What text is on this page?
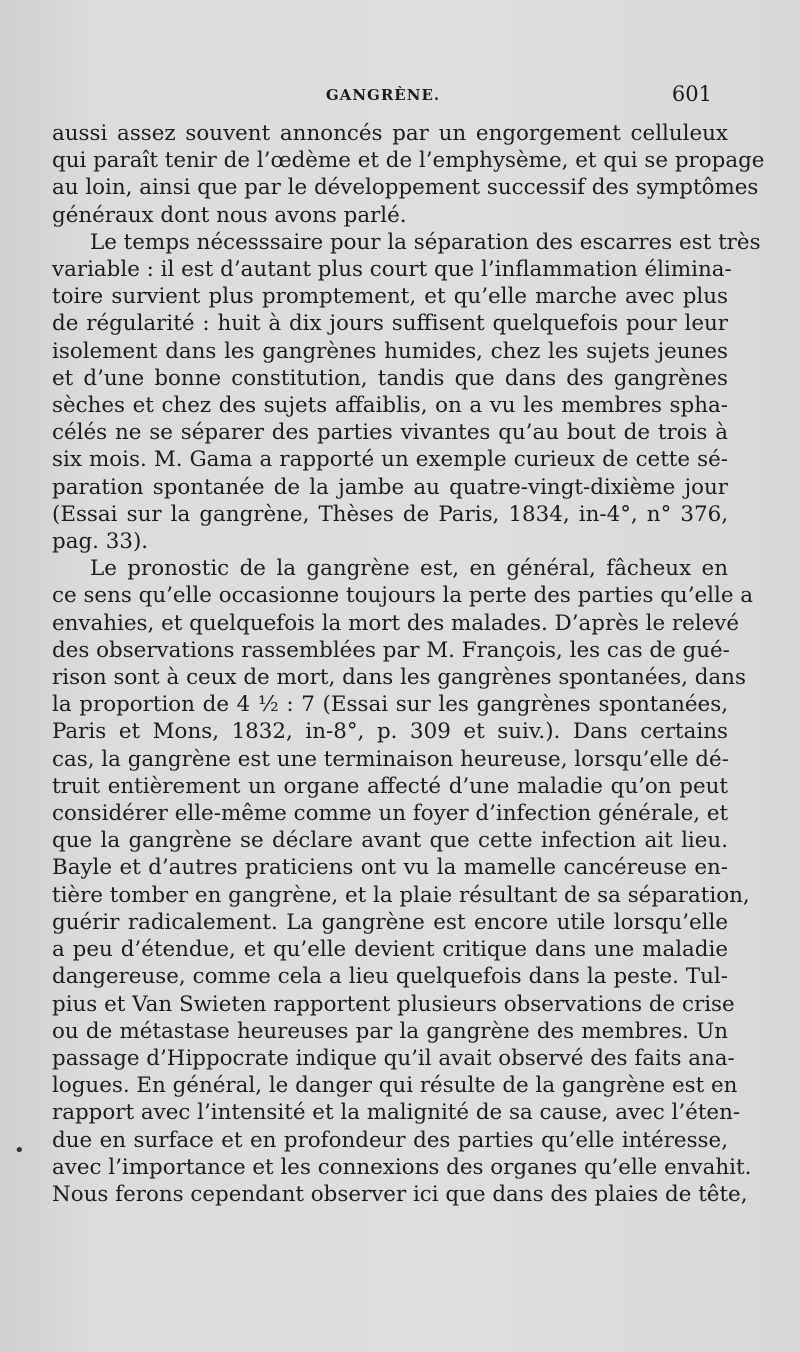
GANGRÈNE.	601
aussi assez souvent annoncés par un engorgement celluleux
qui paraît tenir de l’œdème et de l’emphysème, et qui se propage
au loin, ainsi que par le développement successif des symptômes
généraux dont nous avons parlé.
Le temps nécesssaire pour la séparation des escarres est très
variable : il est d’autant plus court que l’inflammation élimina-
toire survient plus promptement, et qu’elle marche avec plus
de régularité : huit à dix jours suffisent quelquefois pour leur
isolement dans les gangrènes humides, chez les sujets jeunes
et d’une bonne constitution, tandis que dans des gangrènes
sèches et chez des sujets affaiblis, on a vu les membres spha-
célés ne se séparer des parties vivantes qu’au bout de trois à
six mois. M. Gama a rapporté un exemple curieux de cette sé-
paration spontanée de la jambe au quatre-vingt-dixième jour
(Essai sur la gangrène, Thèses de Paris, 1834, in-4°, n° 376,
pag. 33).
Le pronostic de la gangrène est, en général, fâcheux en
ce sens qu’elle occasionne toujours la perte des parties qu’elle a
envahies, et quelquefois la mort des malades. D’après le relevé
des observations rassemblées par M. François, les cas de gué-
rison sont à ceux de mort, dans les gangrènes spontanées, dans
la proportion de 4 ½ : 7 (Essai sur les gangrènes spontanées,
Paris et Mons, 1832, in-8°, p. 309 et suiv.). Dans certains
cas, la gangrène est une terminaison heureuse, lorsqu’elle dé-
truit entièrement un organe affecté d’une maladie qu’on peut
considérer elle-même comme un foyer d’infection générale, et
que la gangrène se déclare avant que cette infection ait lieu.
Bayle et d’autres praticiens ont vu la mamelle cancéreuse en-
tière tomber en gangrène, et la plaie résultant de sa séparation,
guérir radicalement. La gangrène est encore utile lorsqu’elle
a peu d’étendue, et qu’elle devient critique dans une maladie
dangereuse, comme cela a lieu quelquefois dans la peste. Tul-
pius et Van Swieten rapportent plusieurs observations de crise
ou de métastase heureuses par la gangrène des membres. Un
passage d’Hippocrate indique qu’il avait observé des faits ana-
logues. En général, le danger qui résulte de la gangrène est en
rapport avec l’intensité et la malignité de sa cause, avec l’éten-
due en surface et en profondeur des parties qu’elle intéresse,
avec l’importance et les connexions des organes qu’elle envahit.
Nous ferons cependant observer ici que dans des plaies de tête,
•
